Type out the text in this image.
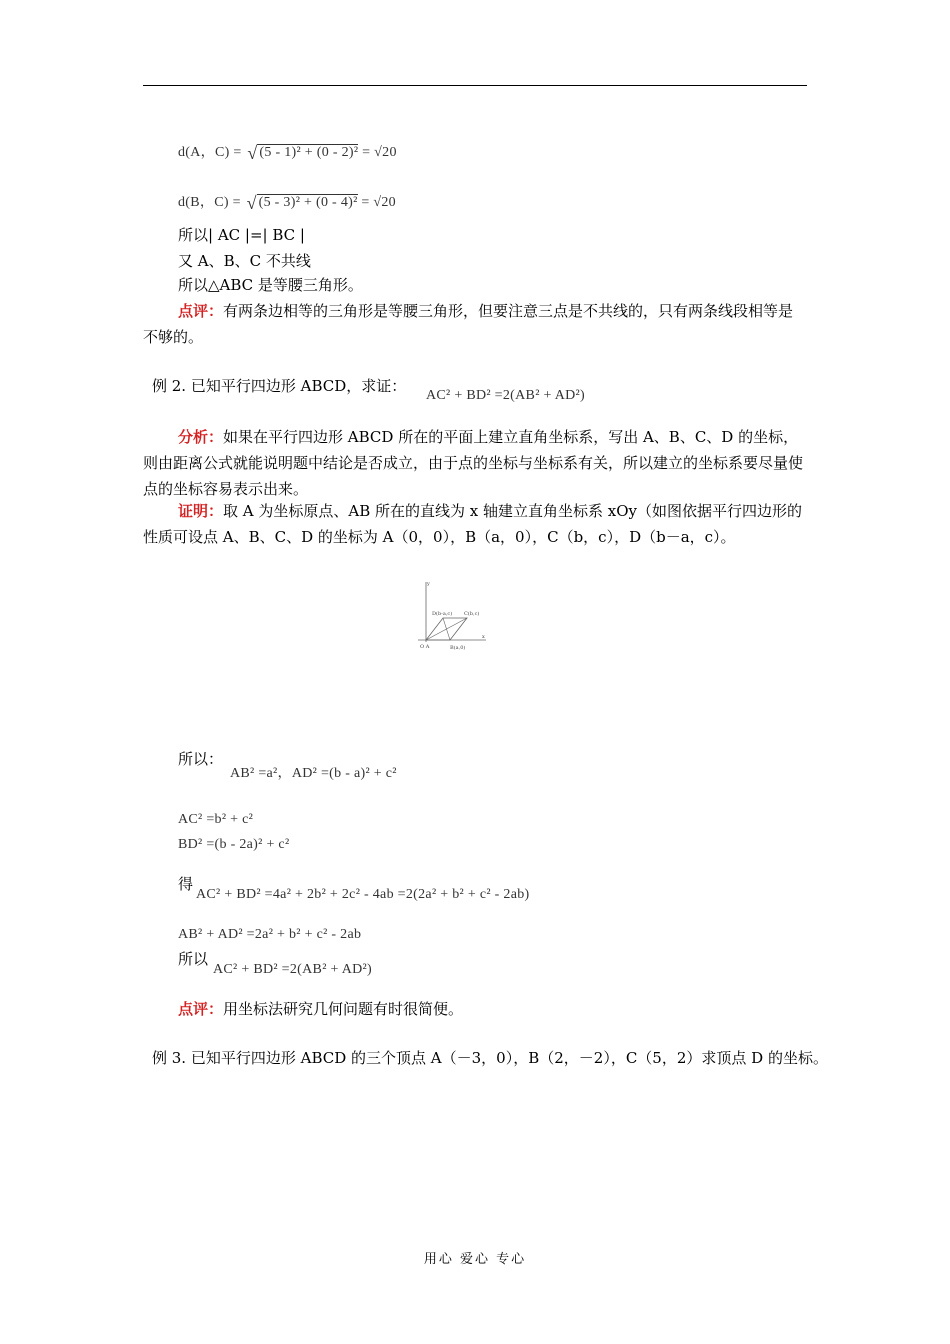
d(A，C) = √ (5 - 1)² + (0 - 2)² = √20
d(B，C) = √ (5 - 3)² + (0 - 4)² = √20
所以| AC |=| BC |
又 A、B、C 不共线
所以△ABC 是等腰三角形。
点评：有两条边相等的三角形是等腰三角形，但要注意三点是不共线的，只有两条线段相等是不够的。
例 2. 已知平行四边形 ABCD，求证：
AC² + BD² =2(AB² + AD²)
分析：如果在平行四边形 ABCD 所在的平面上建立直角坐标系，写出 A、B、C、D 的坐标，则由距离公式就能说明题中结论是否成立，由于点的坐标与坐标系有关，所以建立的坐标系要尽量使点的坐标容易表示出来。
证明：取 A 为坐标原点、AB 所在的直线为 x 轴建立直角坐标系 xOy（如图依据平行四边形的性质可设点 A、B、C、D 的坐标为 A（0，0），B（a，0），C（b，c），D（b－a，c）。
y
x
D(b-a,c) C(b,c)
O A	B(a,0)
所以：
AB² =a²，AD² =(b - a)² + c²
AC² =b² + c²
BD² =(b - 2a)² + c²
得
AC² + BD² =4a² + 2b² + 2c² - 4ab =2(2a² + b² + c² - 2ab)
AB² + AD² =2a² + b² + c² - 2ab
所以
AC² + BD² =2(AB² + AD²)
点评：用坐标法研究几何问题有时很简便。
例 3. 已知平行四边形 ABCD 的三个顶点 A（－3，0），B（2，－2），C（5，2）求顶点 D 的坐标。
用心 爱心 专心
